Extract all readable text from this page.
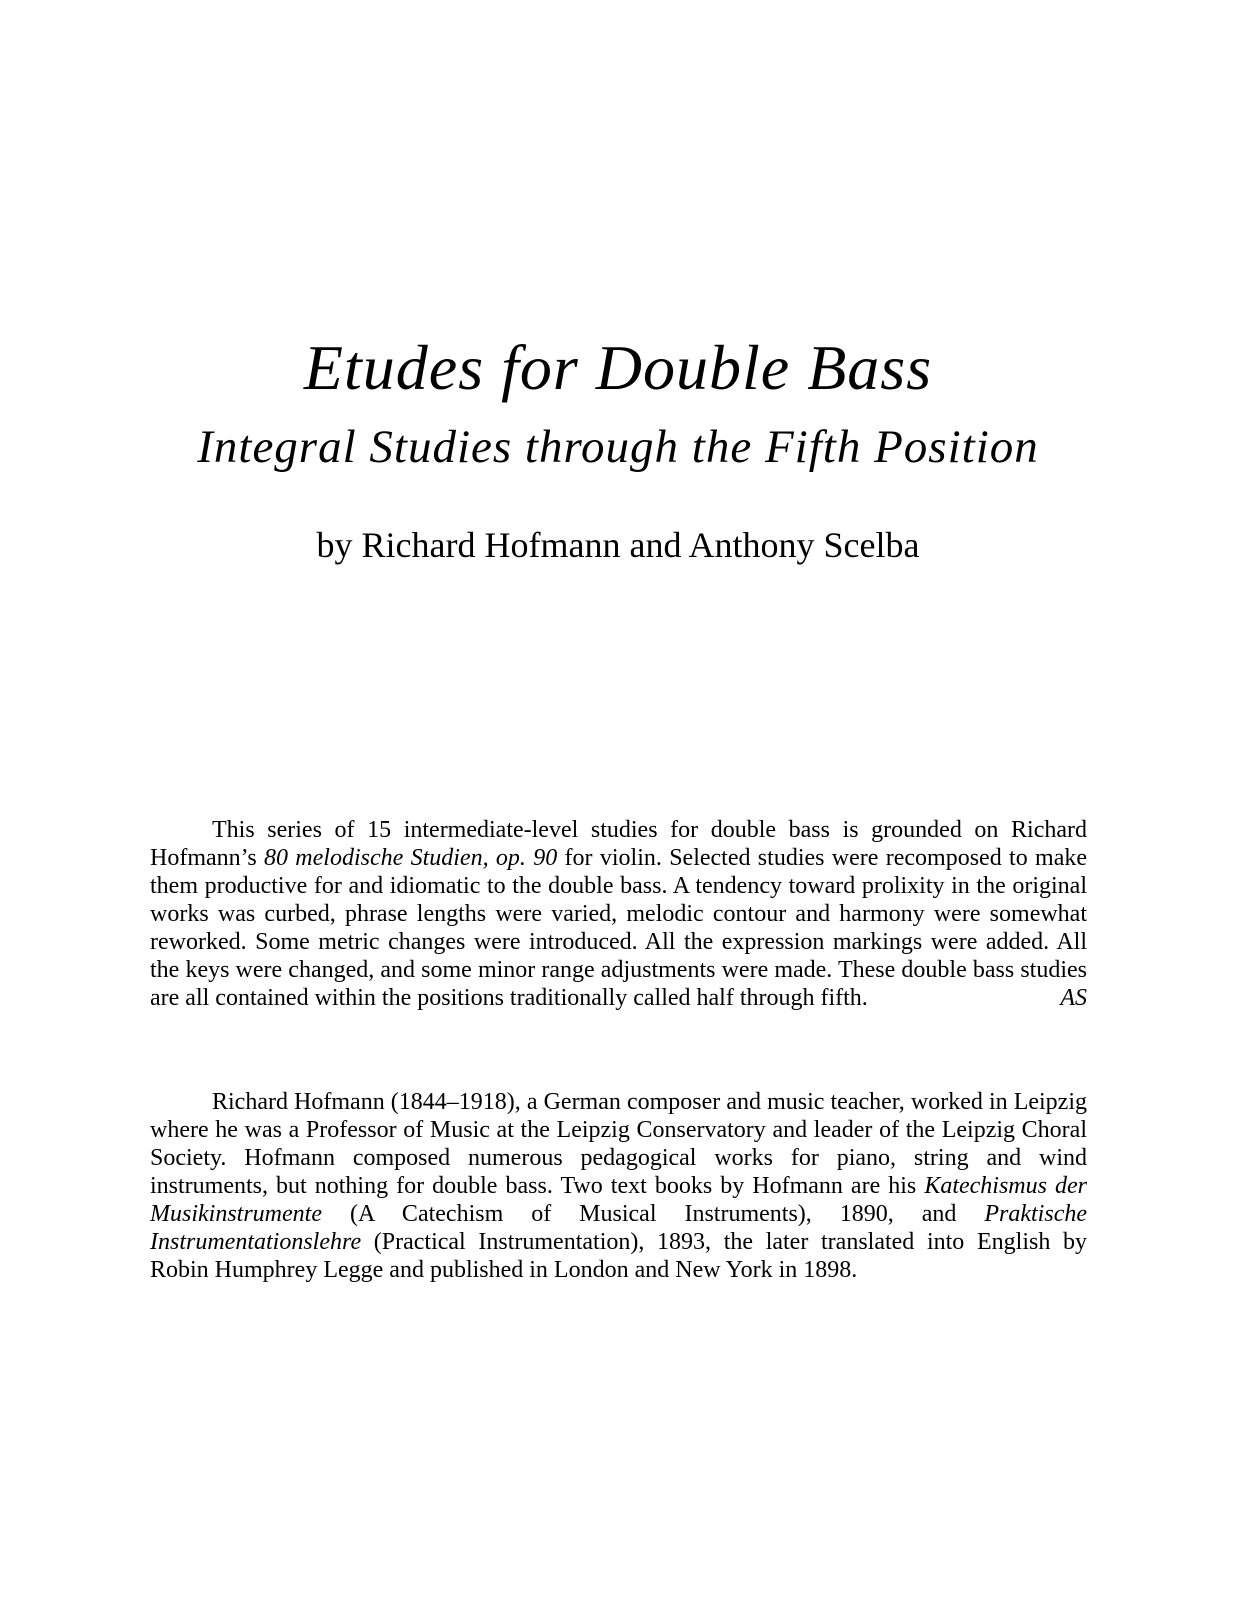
Etudes for Double Bass
Integral Studies through the Fifth Position
by Richard Hofmann and Anthony Scelba

This series of 15 intermediate-level studies for double bass is grounded on Richard Hofmann’s 80 melodische Studien, op. 90 for violin. Selected studies were recomposed to make them productive for and idiomatic to the double bass. A tendency toward prolixity in the original works was curbed, phrase lengths were varied, melodic contour and harmony were somewhat reworked. Some metric changes were introduced. All the expression markings were added. All the keys were changed, and some minor range adjustments were made. These double bass studies are all contained within the positions traditionally called half through fifth.	AS

Richard Hofmann (1844–1918), a German composer and music teacher, worked in Leipzig where he was a Professor of Music at the Leipzig Conservatory and leader of the Leipzig Choral Society. Hofmann composed numerous pedagogical works for piano, string and wind instruments, but nothing for double bass. Two text books by Hofmann are his Katechismus der Musikinstrumente (A Catechism of Musical Instruments), 1890, and Praktische Instrumentationslehre (Practical Instrumentation), 1893, the later translated into English by Robin Humphrey Legge and published in London and New York in 1898.
